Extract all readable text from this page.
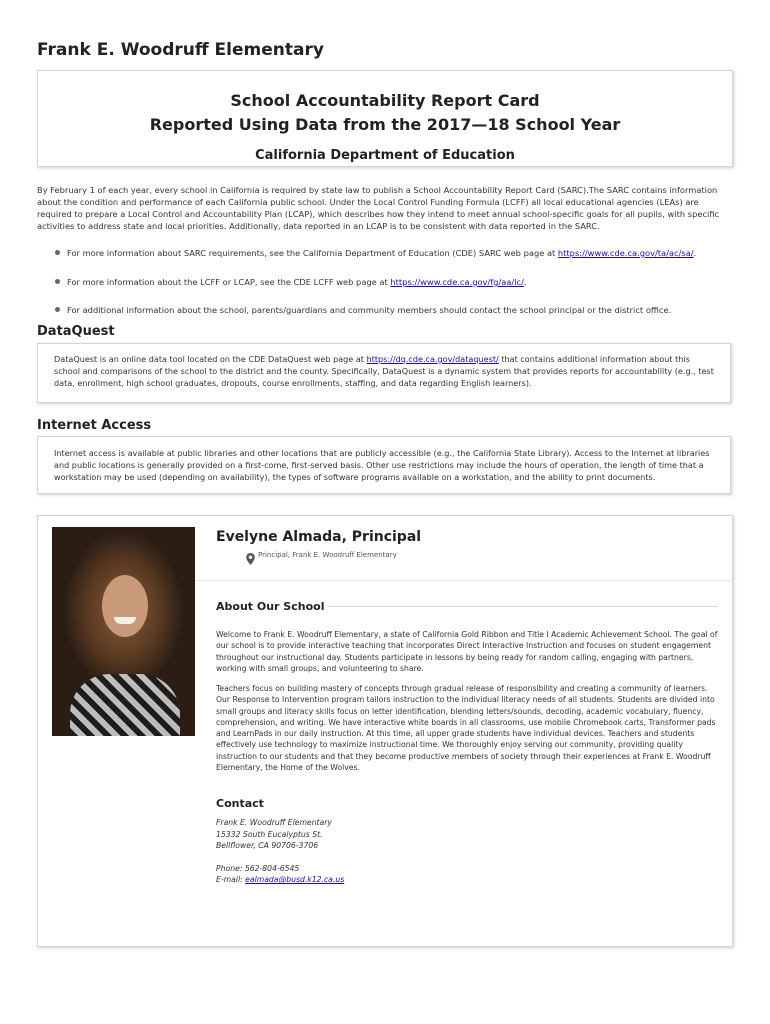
Frank E. Woodruff Elementary
School Accountability Report Card
Reported Using Data from the 2017—18 School Year
California Department of Education
By February 1 of each year, every school in California is required by state law to publish a School Accountability Report Card (SARC).The SARC contains information about the condition and performance of each California public school. Under the Local Control Funding Formula (LCFF) all local educational agencies (LEAs) are required to prepare a Local Control and Accountability Plan (LCAP), which describes how they intend to meet annual school-specific goals for all pupils, with specific activities to address state and local priorities. Additionally, data reported in an LCAP is to be consistent with data reported in the SARC.
For more information about SARC requirements, see the California Department of Education (CDE) SARC web page at https://www.cde.ca.gov/ta/ac/sa/.
For more information about the LCFF or LCAP, see the CDE LCFF web page at https://www.cde.ca.gov/fg/aa/lc/.
For additional information about the school, parents/guardians and community members should contact the school principal or the district office.
DataQuest
DataQuest is an online data tool located on the CDE DataQuest web page at https://dq.cde.ca.gov/dataquest/ that contains additional information about this school and comparisons of the school to the district and the county. Specifically, DataQuest is a dynamic system that provides reports for accountability (e.g., test data, enrollment, high school graduates, dropouts, course enrollments, staffing, and data regarding English learners).
Internet Access
Internet access is available at public libraries and other locations that are publicly accessible (e.g., the California State Library). Access to the Internet at libraries and public locations is generally provided on a first-come, first-served basis. Other use restrictions may include the hours of operation, the length of time that a workstation may be used (depending on availability), the types of software programs available on a workstation, and the ability to print documents.
Evelyne Almada, Principal
Principal, Frank E. Woodruff Elementary
About Our School
Welcome to Frank E. Woodruff Elementary, a state of California Gold Ribbon and Title I Academic Achievement School. The goal of our school is to provide interactive teaching that incorporates Direct Interactive Instruction and focuses on student engagement throughout our instructional day. Students participate in lessons by being ready for random calling, engaging with partners, working with small groups, and volunteering to share.
Teachers focus on building mastery of concepts through gradual release of responsibility and creating a community of learners. Our Response to Intervention program tailors instruction to the individual literacy needs of all students. Students are divided into small groups and literacy skills focus on letter identification, blending letters/sounds, decoding, academic vocabulary, fluency, comprehension, and writing. We have interactive white boards in all classrooms, use mobile Chromebook carts, Transformer pads and LearnPads in our daily instruction. At this time, all upper grade students have individual devices. Teachers and students effectively use technology to maximize instructional time. We thoroughly enjoy serving our community, providing quality instruction to our students and that they become productive members of society through their experiences at Frank E. Woodruff Elementary, the Home of the Wolves.
Contact
Frank E. Woodruff Elementary
15332 South Eucalyptus St.
Bellflower, CA 90706-3706
Phone: 562-804-6545
E-mail: ealmada@busd.k12.ca.us
